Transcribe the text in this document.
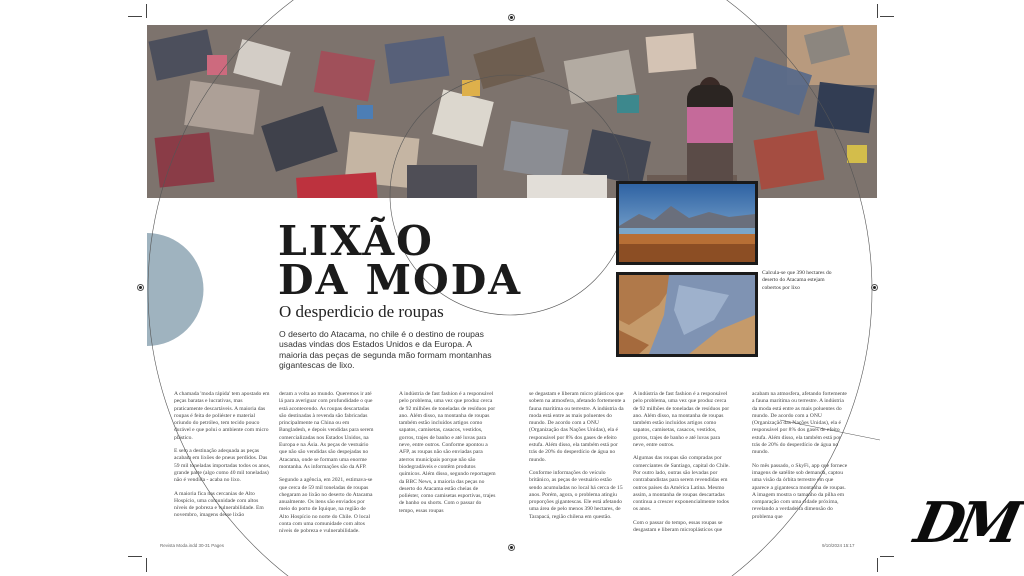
Calcula-se que 390 hectares do deserto do Atacama estejam cobertos por lixo
LIXÃO
DA MODA
O desperdicio de roupas
O deserto do Atacama, no chile é o destino de roupas usadas vindas dos Estados Unidos e da Europa. A maioria das peças de segunda mão formam montanhas gigantescas de lixo.

A chamada 'moda rápida' tem apostado em peças baratas e lucrativas, mas praticamente descartáveis. A maioria das roupas é feita de poliéster e material oriundo do petróleo, tem tecido pouco durável e que polui o ambiente com micro plástico.

E sem a destinação adequada as peças acabam em lixões de pneus perdidos. Das 59 mil toneladas importadas todos os anos, grande parte (algo como 40 mil toneladas) não é vendida - acaba no lixo.

A maioria fica nas cercanias de Alto Hospício, uma comunidade com altos níveis de pobreza e vulnerabilidade. Em novembro, imagens desse lixão

deram a volta ao mundo. Queremos ir até lá para averiguar com profundidade o que está acontecendo. As roupas descartadas são destinadas à revenda são fabricadas principalmente na China ou em Bangladesh, e depois vendidas para serem comercializadas nos Estados Unidos, na Europa e na Ásia. As peças de vestuário que não são vendidas são despejadas no Atacama, onde se formam uma enorme montanha. As informações são da AFP.

Segundo a agência, em 2021, estimava-se que cerca de 59 mil toneladas de roupas chegaram ao lixão no deserto do Atacama anualmente. Os itens são enviados por meio do porto de Iquique, na região de Alto Hospício no norte do Chile. O local conta com uma comunidade com altos níveis de pobreza e vulnerabilidade.

A indústria de fast fashion é a responsável pelo problema, uma vez que produz cerca de 92 milhões de toneladas de resíduos por ano. Além disso, na montanha de roupas também estão incluídos artigos como sapatos, camisetas, casacos, vestidos, gorros, trajes de banho e até luvas para neve, entre outros. Conforme apontou a AFP, as roupas não são enviadas para aterros municipais porque não são biodegradáveis e contêm produtos químicos. Além disso, segundo reportagem da BBC News, a maioria das peças no deserto do Atacama estão cheias de poliéster, como camisetas esportivas, trajes de banho ou shorts. Com o passar do tempo, essas roupas

se degastam e liberam micro plásticos que sobem na atmosfera, afetando fortemente a fauna marítima ou terrestre. A indústria da moda está entre as mais poluentes do mundo. De acordo com a ONU (Organização das Nações Unidas), ela é responsável por 8% dos gases de efeito estufa. Além disso, ela também está por trás de 20% do desperdício de água no mundo.

Conforme informações do veículo britânico, as peças de vestuário estão sendo acumuladas no local há cerca de 15 anos. Porém, agora, o problema atingiu proporções gigantescas. Ele está afetando uma área de pelo menos 390 hectares, de Tarapacá, região chilena em questão.

A indústria de fast fashion é a responsável pelo problema, uma vez que produz cerca de 92 milhões de toneladas de resíduos por ano. Além disso, na montanha de roupas também estão incluídos artigos como sapatos, camisetas, casacos, vestidos, gorros, trajes de banho e até luvas para neve, entre outros.

Algumas das roupas são compradas por comerciantes de Santiago, capital do Chile. Por outro lado, outras são levadas por contrabandistas para serem revendidas em outros países da América Latina. Mesmo assim, a montanha de roupas descartadas continua a crescer exponencialmente todos os anos.

Com o passar do tempo, essas roupas se desgastam e liberam microplásticos que

acabam na atmosfera, afetando fortemente a fauna marítima ou terrestre. A indústria da moda está entre as mais poluentes do mundo. De acordo com a ONU (Organização das Nações Unidas), ela é responsável por 8% dos gases de efeito estufa. Além disso, ela também está por trás de 20% do desperdício de água no mundo.

No mês passado, o SkyFi, app que fornece imagens de satélite sob demanda, captou uma visão da órbita terrestre em que aparece a gigantesca montanha de roupas. A imagem mostra o tamanho da pilha em comparação com uma cidade próxima, revelando a verdadeira dimensão do problema que

Revista Moda.indd 30-31 Pages	9/10/2024 15:17 DM
